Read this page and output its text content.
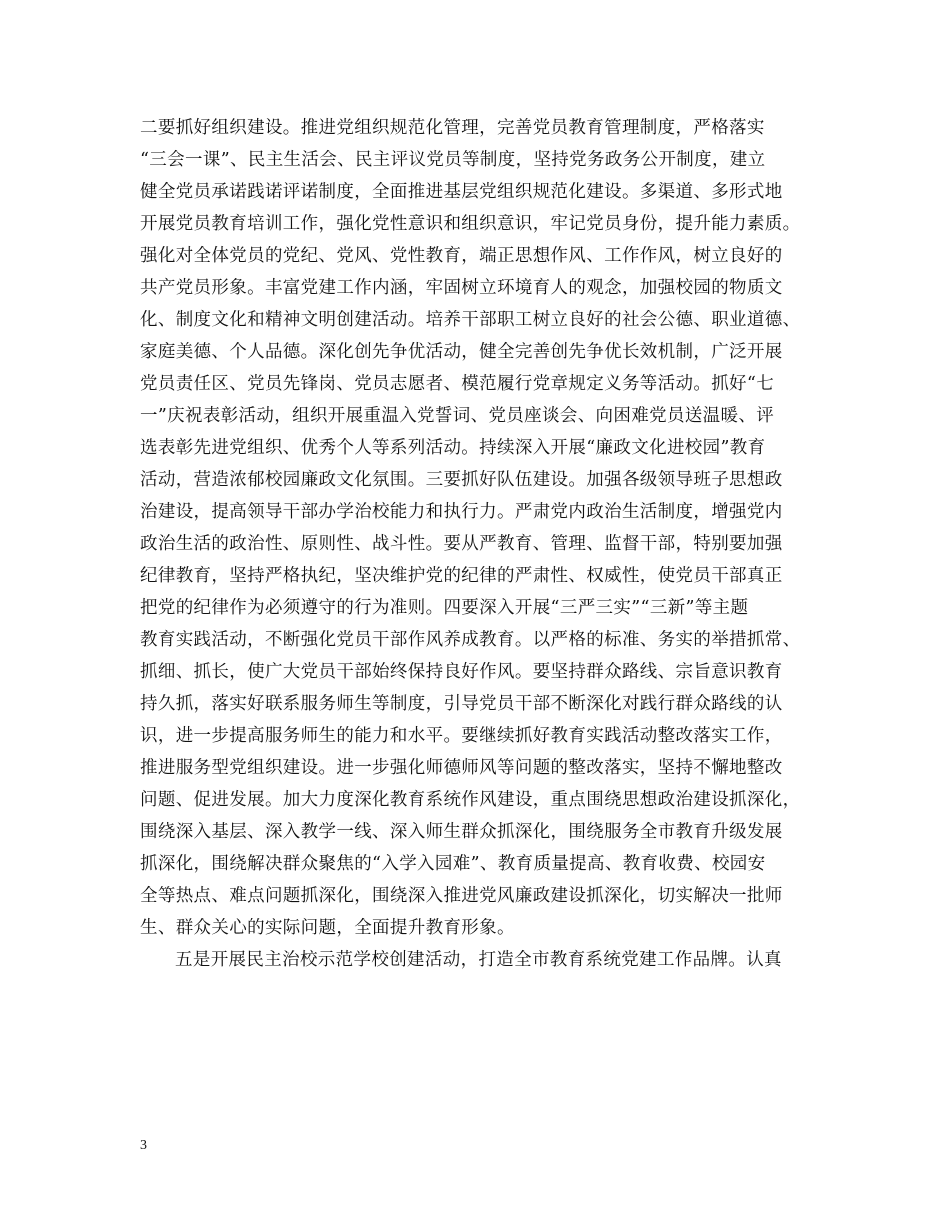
二要抓好组织建设。推进党组织规范化管理，完善党员教育管理制度，严格落实
“三会一课”、民主生活会、民主评议党员等制度，坚持党务政务公开制度，建立
健全党员承诺践诺评诺制度，全面推进基层党组织规范化建设。多渠道、多形式地
开展党员教育培训工作，强化党性意识和组织意识，牢记党员身份，提升能力素质。
强化对全体党员的党纪、党风、党性教育，端正思想作风、工作作风，树立良好的
共产党员形象。丰富党建工作内涵，牢固树立环境育人的观念，加强校园的物质文
化、制度文化和精神文明创建活动。培养干部职工树立良好的社会公德、职业道德、
家庭美德、个人品德。深化创先争优活动，健全完善创先争优长效机制，广泛开展
党员责任区、党员先锋岗、党员志愿者、模范履行党章规定义务等活动。抓好“七
一”庆祝表彰活动，组织开展重温入党誓词、党员座谈会、向困难党员送温暖、评
选表彰先进党组织、优秀个人等系列活动。持续深入开展“廉政文化进校园”教育
活动，营造浓郁校园廉政文化氛围。三要抓好队伍建设。加强各级领导班子思想政
治建设，提高领导干部办学治校能力和执行力。严肃党内政治生活制度，增强党内
政治生活的政治性、原则性、战斗性。要从严教育、管理、监督干部，特别要加强
纪律教育，坚持严格执纪，坚决维护党的纪律的严肃性、权威性，使党员干部真正
把党的纪律作为必须遵守的行为准则。四要深入开展“三严三实”“三新”等主题
教育实践活动，不断强化党员干部作风养成教育。以严格的标准、务实的举措抓常、
抓细、抓长，使广大党员干部始终保持良好作风。要坚持群众路线、宗旨意识教育
持久抓，落实好联系服务师生等制度，引导党员干部不断深化对践行群众路线的认
识，进一步提高服务师生的能力和水平。要继续抓好教育实践活动整改落实工作，
推进服务型党组织建设。进一步强化师德师风等问题的整改落实，坚持不懈地整改
问题、促进发展。加大力度深化教育系统作风建设，重点围绕思想政治建设抓深化，
围绕深入基层、深入教学一线、深入师生群众抓深化，围绕服务全市教育升级发展
抓深化，围绕解决群众聚焦的“入学入园难”、教育质量提高、教育收费、校园安
全等热点、难点问题抓深化，围绕深入推进党风廉政建设抓深化，切实解决一批师
生、群众关心的实际问题，全面提升教育形象。
五是开展民主治校示范学校创建活动，打造全市教育系统党建工作品牌。认真
3
